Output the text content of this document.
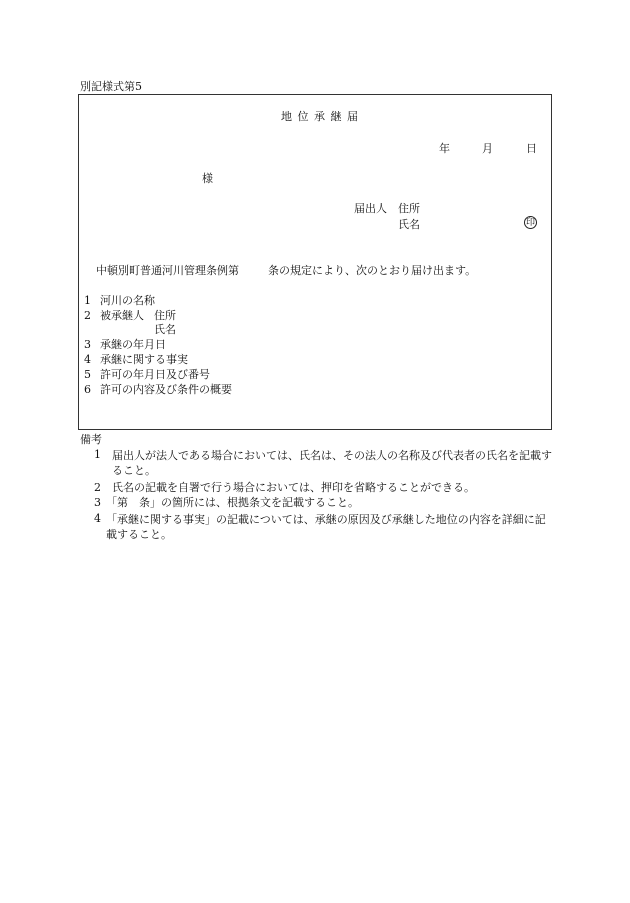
別記様式第5
地 位 承 継 届
年	月	日
様
届出人 住所
氏名	印
中頓別町普通河川管理条例第	条の規定により、次のとおり届け出ます。
1 河川の名称
2 被承継人 住所
氏名
3 承継の年月日
4 承継に関する事実
5 許可の年月日及び番号
6 許可の内容及び条件の概要
備考
1 届出人が法人である場合においては、氏名は、その法人の名称及び代表者の氏名を記載すること。
2 氏名の記載を自署で行う場合においては、押印を省略することができる。
3 「第　条」の箇所には、根拠条文を記載すること。
4 「承継に関する事実」の記載については、承継の原因及び承継した地位の内容を詳細に記載すること。
